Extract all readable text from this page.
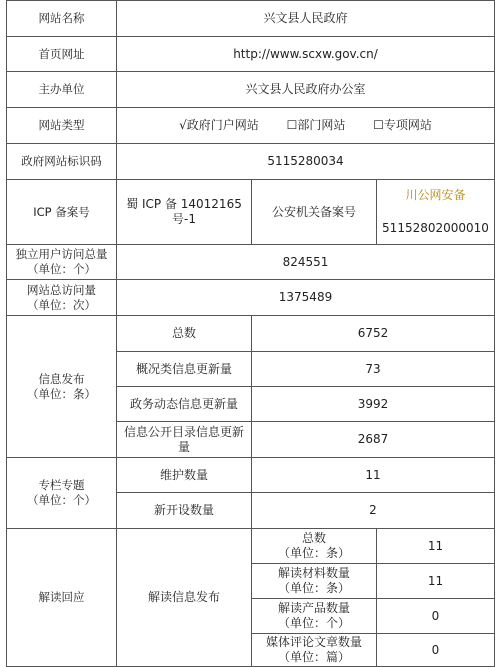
网站名称	兴文县人民政府		
首页网址	http://www.scxw.gov.cn/		
主办单位	兴文县人民政府办公室		
网站类型	√政府门户网站 ☐部门网站 ☐专项网站		
政府网站标识码	5115280034		
ICP 备案号	蜀 ICP 备 14012165 号-1	公安机关备案号	川公网安备
51152802000010

独立用户访问总量
（单位：个）	824551		

网站总访问量
（单位：次）	1375489		

信息发布
（单位：条）	总数	6752	
	概况类信息更新量	73	
	政务动态信息更新量	3992	
	信息公开目录信息更新量	2687	

专栏专题
（单位：个）	维护数量	11	
	新开设数量	2	
解读回应	解读信息发布	总数
（单位：条）	11

		解读材料数量
（单位：条）	11

		解读产品数量
（单位：个）	0

		媒体评论文章数量
（单位：篇）	0
